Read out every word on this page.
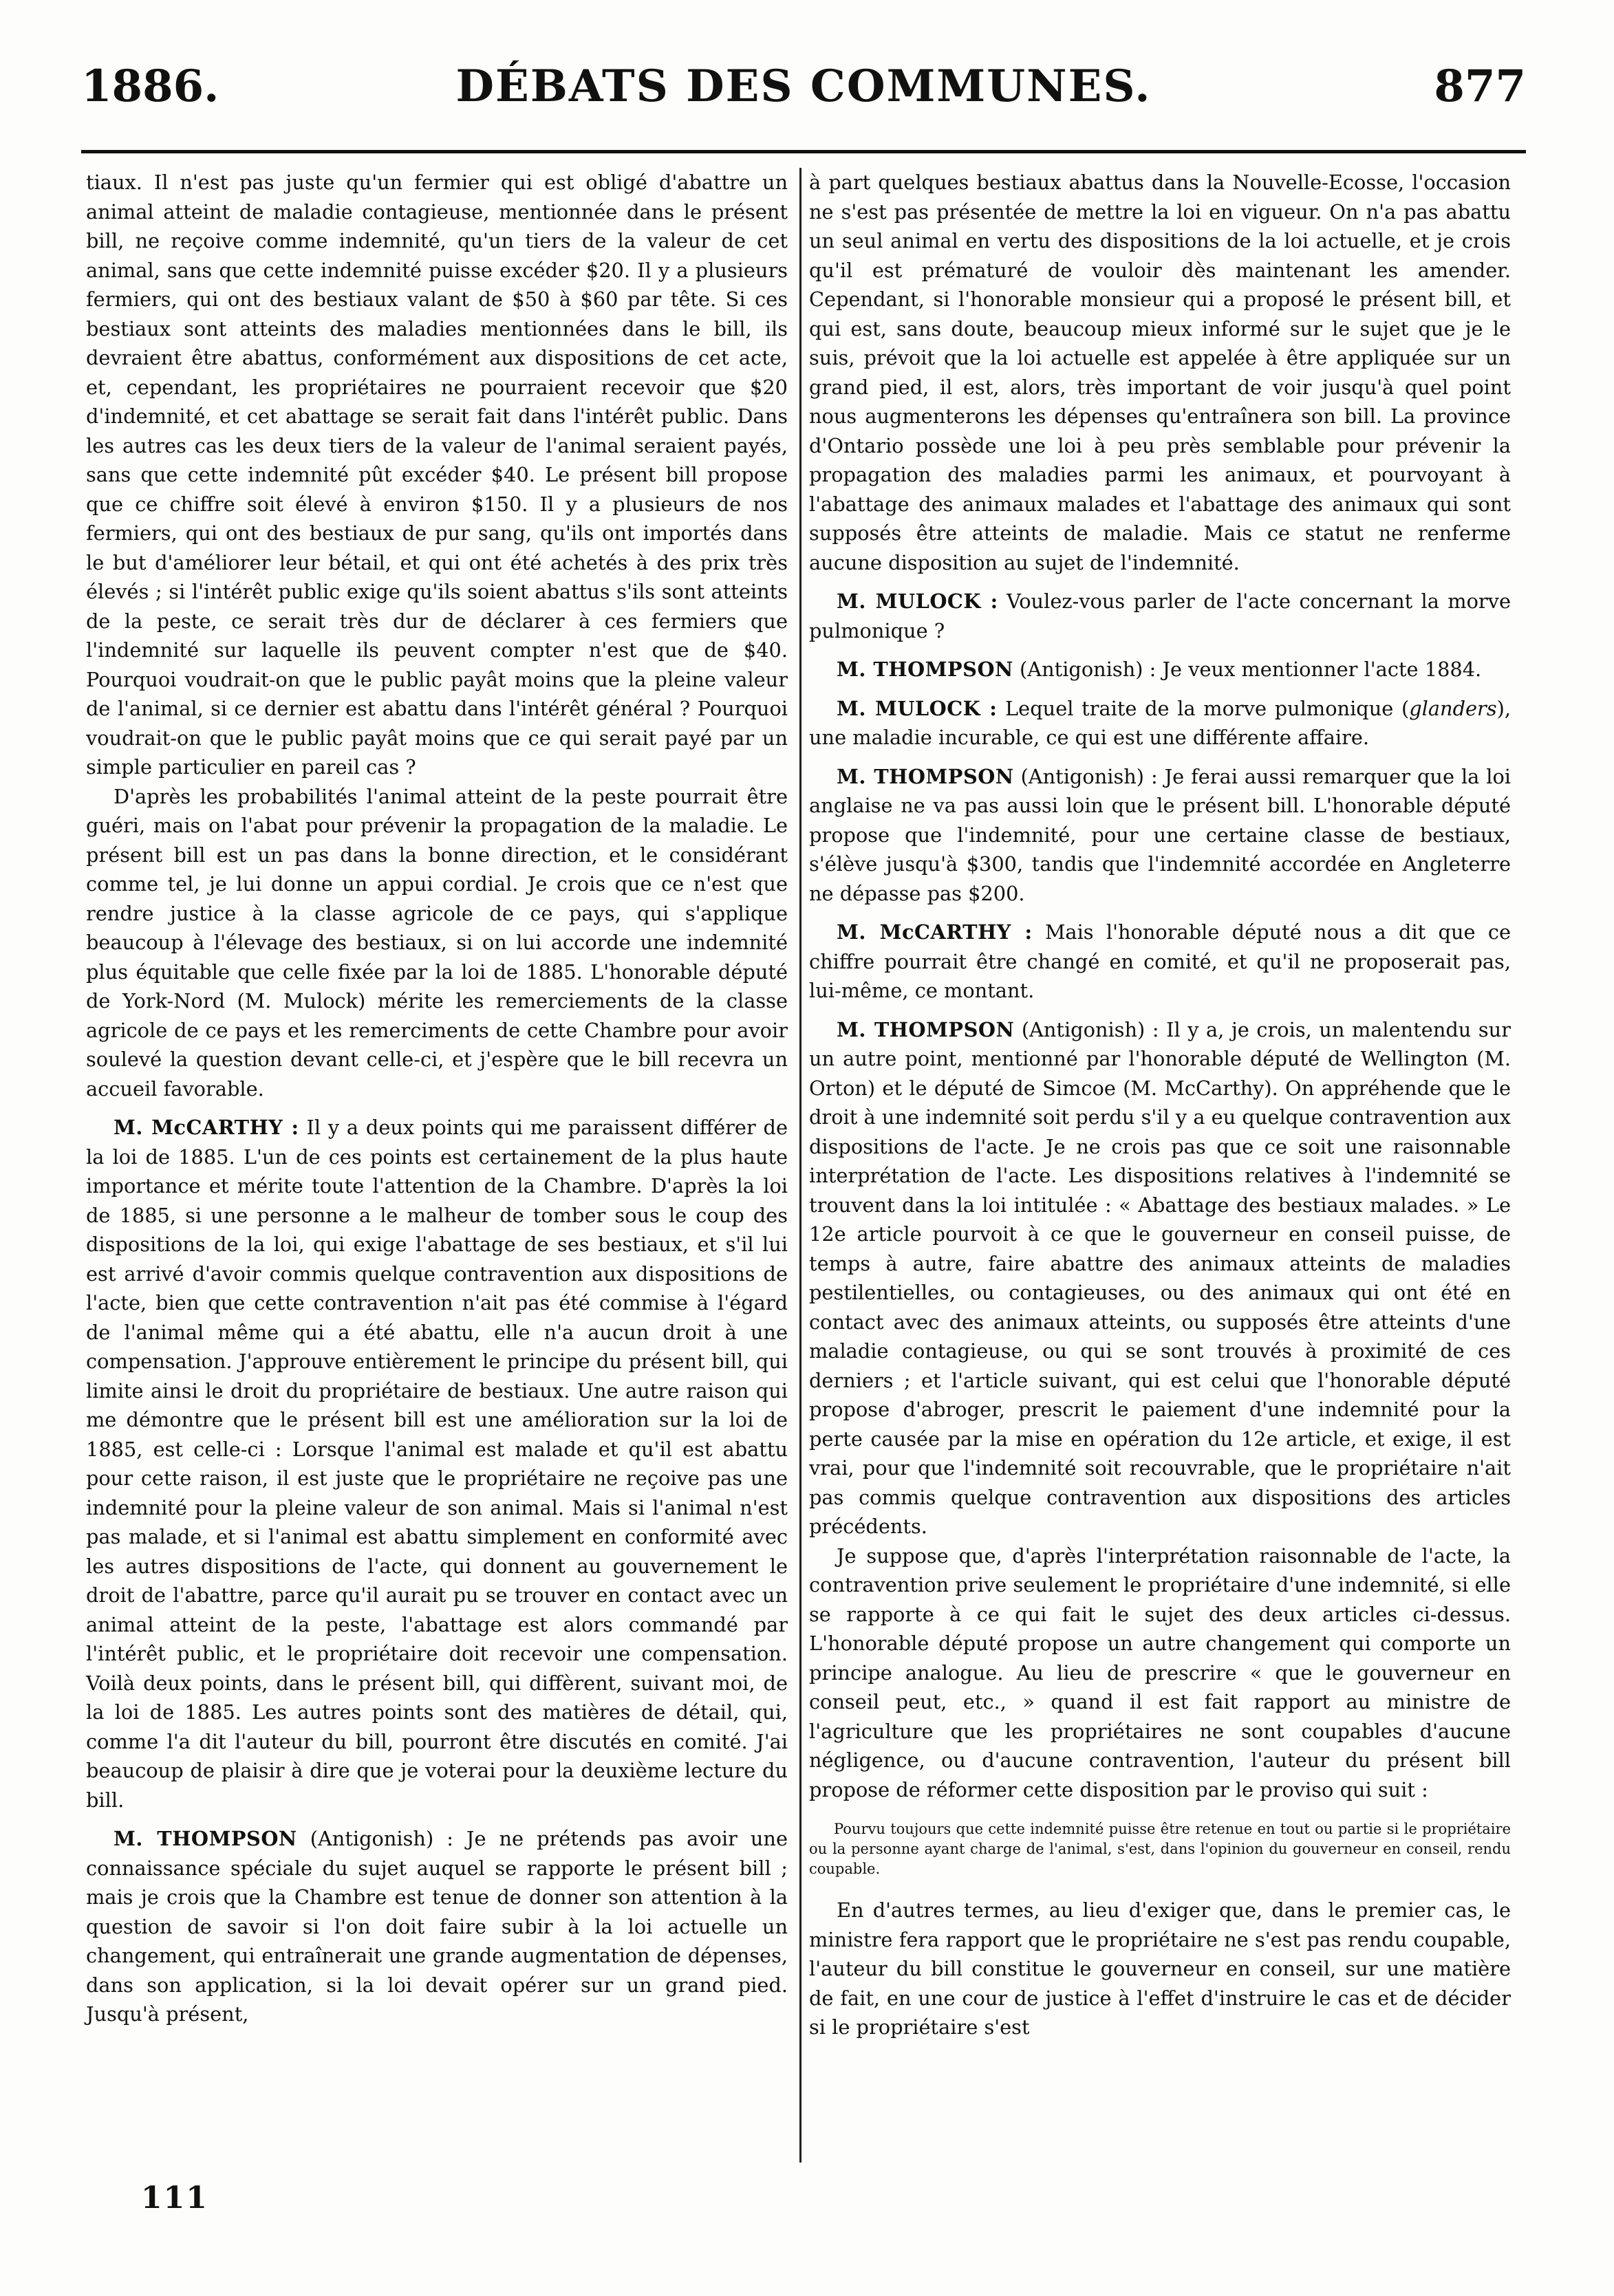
1886.	DÉBATS DES COMMUNES.	877

tiaux. Il n'est pas juste qu'un fermier qui est obligé d'abattre un animal atteint de maladie contagieuse, mentionnée dans le présent bill, ne reçoive comme indemnité, qu'un tiers de la valeur de cet animal, sans que cette indemnité puisse excéder $20. Il y a plusieurs fermiers, qui ont des bestiaux valant de $50 à $60 par tête. Si ces bestiaux sont atteints des maladies mentionnées dans le bill, ils devraient être abattus, conformément aux dispositions de cet acte, et, cependant, les propriétaires ne pourraient recevoir que $20 d'indemnité, et cet abattage se serait fait dans l'intérêt public. Dans les autres cas les deux tiers de la valeur de l'animal seraient payés, sans que cette indemnité pût excéder $40. Le présent bill propose que ce chiffre soit élevé à environ $150. Il y a plusieurs de nos fermiers, qui ont des bestiaux de pur sang, qu'ils ont importés dans le but d'améliorer leur bétail, et qui ont été achetés à des prix très élevés ; si l'intérêt public exige qu'ils soient abattus s'ils sont atteints de la peste, ce serait très dur de déclarer à ces fermiers que l'indemnité sur laquelle ils peuvent compter n'est que de $40. Pourquoi voudrait-on que le public payât moins que la pleine valeur de l'animal, si ce dernier est abattu dans l'intérêt général ? Pourquoi voudrait-on que le public payât moins que ce qui serait payé par un simple particulier en pareil cas ?

D'après les probabilités l'animal atteint de la peste pourrait être guéri, mais on l'abat pour prévenir la propagation de la maladie. Le présent bill est un pas dans la bonne direction, et le considérant comme tel, je lui donne un appui cordial. Je crois que ce n'est que rendre justice à la classe agricole de ce pays, qui s'applique beaucoup à l'élevage des bestiaux, si on lui accorde une indemnité plus équitable que celle fixée par la loi de 1885. L'honorable député de York-Nord (M. Mulock) mérite les remerciements de la classe agricole de ce pays et les remerciments de cette Chambre pour avoir soulevé la question devant celle-ci, et j'espère que le bill recevra un accueil favorable.

M. McCARTHY : Il y a deux points qui me paraissent différer de la loi de 1885. L'un de ces points est certainement de la plus haute importance et mérite toute l'attention de la Chambre. D'après la loi de 1885, si une personne a le malheur de tomber sous le coup des dispositions de la loi, qui exige l'abattage de ses bestiaux, et s'il lui est arrivé d'avoir commis quelque contravention aux dispositions de l'acte, bien que cette contravention n'ait pas été commise à l'égard de l'animal même qui a été abattu, elle n'a aucun droit à une compensation. J'approuve entièrement le principe du présent bill, qui limite ainsi le droit du propriétaire de bestiaux. Une autre raison qui me démontre que le présent bill est une amélioration sur la loi de 1885, est celle-ci : Lorsque l'animal est malade et qu'il est abattu pour cette raison, il est juste que le propriétaire ne reçoive pas une indemnité pour la pleine valeur de son animal. Mais si l'animal n'est pas malade, et si l'animal est abattu simplement en conformité avec les autres dispositions de l'acte, qui donnent au gouvernement le droit de l'abattre, parce qu'il aurait pu se trouver en contact avec un animal atteint de la peste, l'abattage est alors commandé par l'intérêt public, et le propriétaire doit recevoir une compensation. Voilà deux points, dans le présent bill, qui diffèrent, suivant moi, de la loi de 1885. Les autres points sont des matières de détail, qui, comme l'a dit l'auteur du bill, pourront être discutés en comité. J'ai beaucoup de plaisir à dire que je voterai pour la deuxième lecture du bill.

M. THOMPSON (Antigonish) : Je ne prétends pas avoir une connaissance spéciale du sujet auquel se rapporte le présent bill ; mais je crois que la Chambre est tenue de donner son attention à la question de savoir si l'on doit faire subir à la loi actuelle un changement, qui entraînerait une grande augmentation de dépenses, dans son application, si la loi devait opérer sur un grand pied. Jusqu'à présent,

à part quelques bestiaux abattus dans la Nouvelle-Ecosse, l'occasion ne s'est pas présentée de mettre la loi en vigueur. On n'a pas abattu un seul animal en vertu des dispositions de la loi actuelle, et je crois qu'il est prématuré de vouloir dès maintenant les amender. Cependant, si l'honorable monsieur qui a proposé le présent bill, et qui est, sans doute, beaucoup mieux informé sur le sujet que je le suis, prévoit que la loi actuelle est appelée à être appliquée sur un grand pied, il est, alors, très important de voir jusqu'à quel point nous augmenterons les dépenses qu'entraînera son bill. La province d'Ontario possède une loi à peu près semblable pour prévenir la propagation des maladies parmi les animaux, et pourvoyant à l'abattage des animaux malades et l'abattage des animaux qui sont supposés être atteints de maladie. Mais ce statut ne renferme aucune disposition au sujet de l'indemnité.

M. MULOCK : Voulez-vous parler de l'acte concernant la morve pulmonique ?

M. THOMPSON (Antigonish) : Je veux mentionner l'acte 1884.

M. MULOCK : Lequel traite de la morve pulmonique (glanders), une maladie incurable, ce qui est une différente affaire.

M. THOMPSON (Antigonish) : Je ferai aussi remarquer que la loi anglaise ne va pas aussi loin que le présent bill. L'honorable député propose que l'indemnité, pour une certaine classe de bestiaux, s'élève jusqu'à $300, tandis que l'indemnité accordée en Angleterre ne dépasse pas $200.

M. McCARTHY : Mais l'honorable député nous a dit que ce chiffre pourrait être changé en comité, et qu'il ne proposerait pas, lui-même, ce montant.

M. THOMPSON (Antigonish) : Il y a, je crois, un malentendu sur un autre point, mentionné par l'honorable député de Wellington (M. Orton) et le député de Simcoe (M. McCarthy). On appréhende que le droit à une indemnité soit perdu s'il y a eu quelque contravention aux dispositions de l'acte. Je ne crois pas que ce soit une raisonnable interprétation de l'acte. Les dispositions relatives à l'indemnité se trouvent dans la loi intitulée : « Abattage des bestiaux malades. » Le 12e article pourvoit à ce que le gouverneur en conseil puisse, de temps à autre, faire abattre des animaux atteints de maladies pestilentielles, ou contagieuses, ou des animaux qui ont été en contact avec des animaux atteints, ou supposés être atteints d'une maladie contagieuse, ou qui se sont trouvés à proximité de ces derniers ; et l'article suivant, qui est celui que l'honorable député propose d'abroger, prescrit le paiement d'une indemnité pour la perte causée par la mise en opération du 12e article, et exige, il est vrai, pour que l'indemnité soit recouvrable, que le propriétaire n'ait pas commis quelque contravention aux dispositions des articles précédents.

Je suppose que, d'après l'interprétation raisonnable de l'acte, la contravention prive seulement le propriétaire d'une indemnité, si elle se rapporte à ce qui fait le sujet des deux articles ci-dessus. L'honorable député propose un autre changement qui comporte un principe analogue. Au lieu de prescrire « que le gouverneur en conseil peut, etc., » quand il est fait rapport au ministre de l'agriculture que les propriétaires ne sont coupables d'aucune négligence, ou d'aucune contravention, l'auteur du présent bill propose de réformer cette disposition par le proviso qui suit :

Pourvu toujours que cette indemnité puisse être retenue en tout ou partie si le propriétaire ou la personne ayant charge de l'animal, s'est, dans l'opinion du gouverneur en conseil, rendu coupable.

En d'autres termes, au lieu d'exiger que, dans le premier cas, le ministre fera rapport que le propriétaire ne s'est pas rendu coupable, l'auteur du bill constitue le gouverneur en conseil, sur une matière de fait, en une cour de justice à l'effet d'instruire le cas et de décider si le propriétaire s'est

111
